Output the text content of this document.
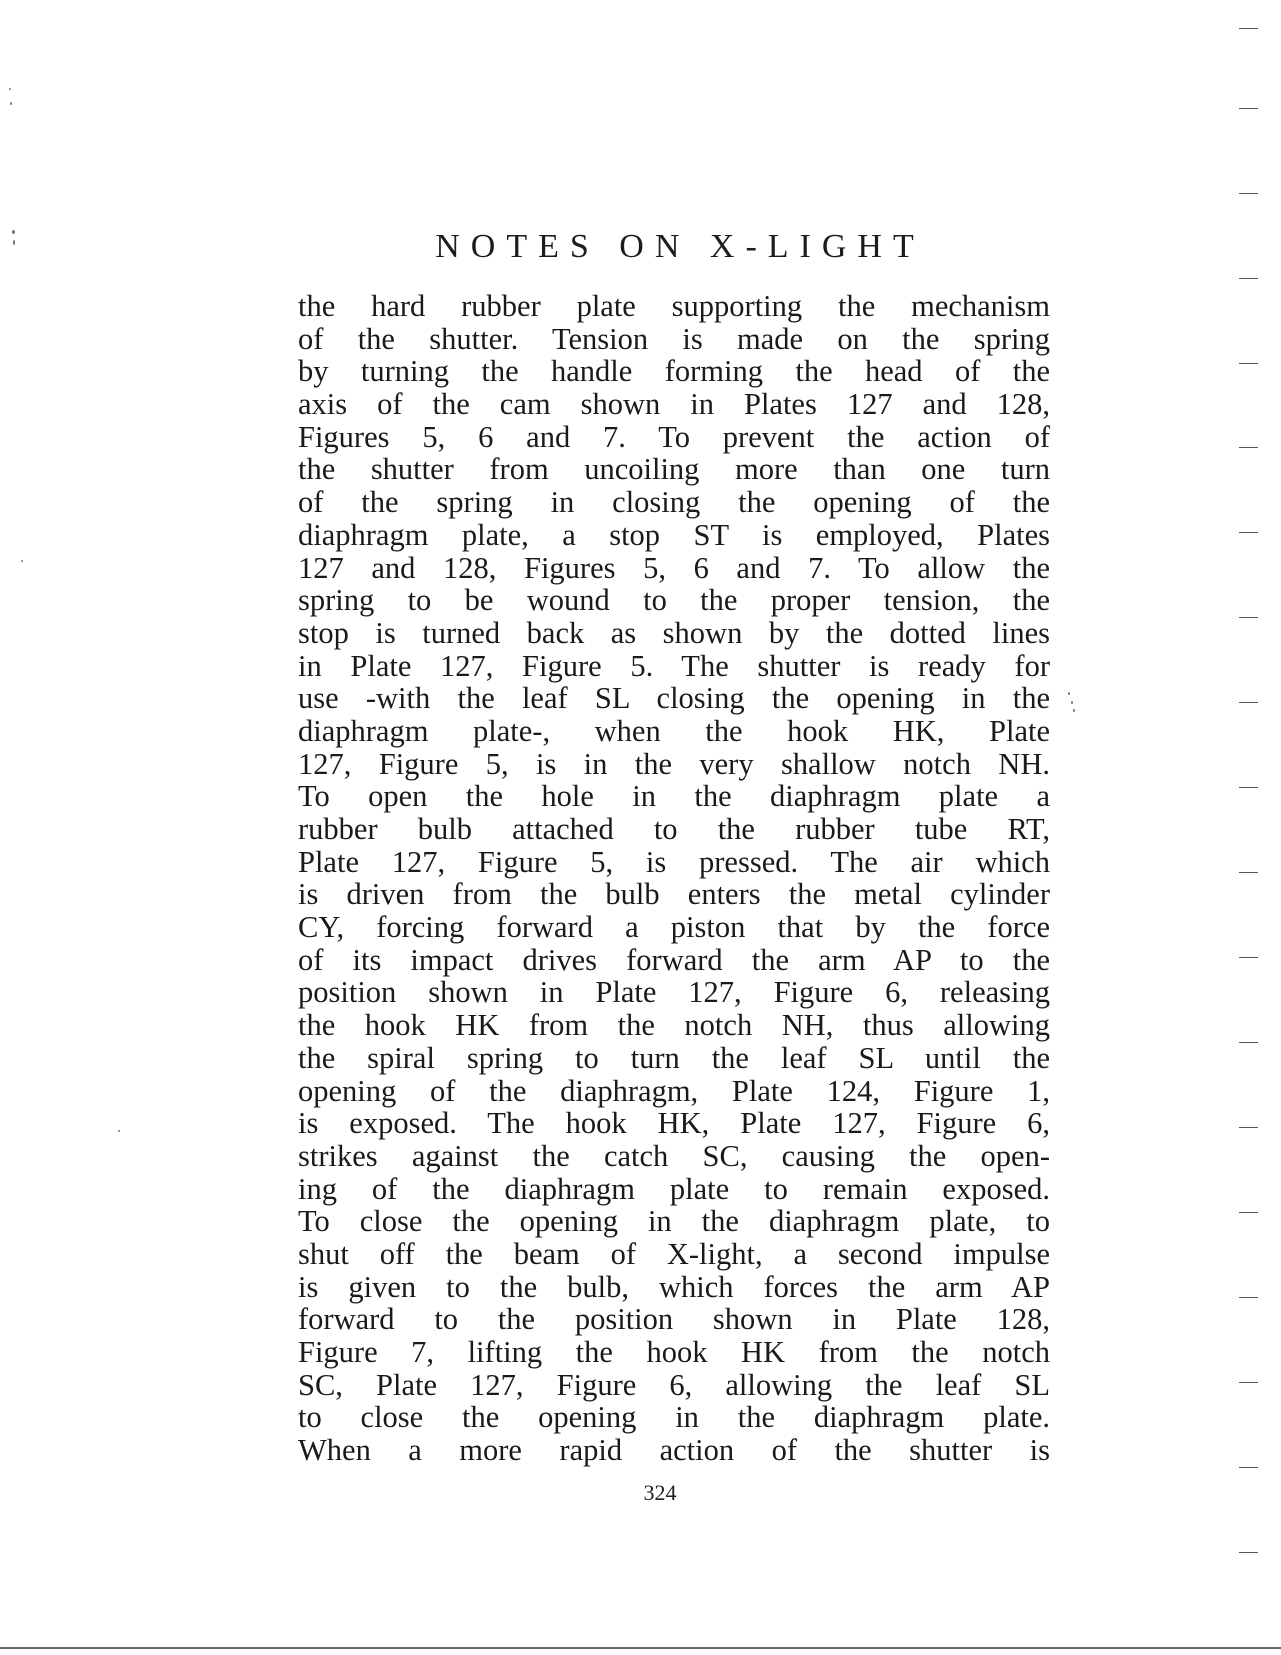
NOTES ON X-LIGHT
the hard rubber plate supporting the mechanism
of the shutter. Tension is made on the spring
by turning the handle forming the head of the
axis of the cam shown in Plates 127 and 128,
Figures 5, 6 and 7. To prevent the action of
the shutter from uncoiling more than one turn
of the spring in closing the opening of the
diaphragm plate, a stop ST is employed, Plates
127 and 128, Figures 5, 6 and 7. To allow the
spring to be wound to the proper tension, the
stop is turned back as shown by the dotted lines
in Plate 127, Figure 5. The shutter is ready for
use -with the leaf SL closing the opening in the
diaphragm plate-, when the hook HK, Plate
127, Figure 5, is in the very shallow notch NH.
To open the hole in the diaphragm plate a
rubber bulb attached to the rubber tube RT,
Plate 127, Figure 5, is pressed. The air which
is driven from the bulb enters the metal cylinder
CY, forcing forward a piston that by the force
of its impact drives forward the arm AP to the
position shown in Plate 127, Figure 6, releasing
the hook HK from the notch NH, thus allowing
the spiral spring to turn the leaf SL until the
opening of the diaphragm, Plate 124, Figure 1,
is exposed. The hook HK, Plate 127, Figure 6,
strikes against the catch SC, causing the open-
ing of the diaphragm plate to remain exposed.
To close the opening in the diaphragm plate, to
shut off the beam of X-light, a second impulse
is given to the bulb, which forces the arm AP
forward to the position shown in Plate 128,
Figure 7, lifting the hook HK from the notch
SC, Plate 127, Figure 6, allowing the leaf SL
to close the opening in the diaphragm plate.
When a more rapid action of the shutter is
324
